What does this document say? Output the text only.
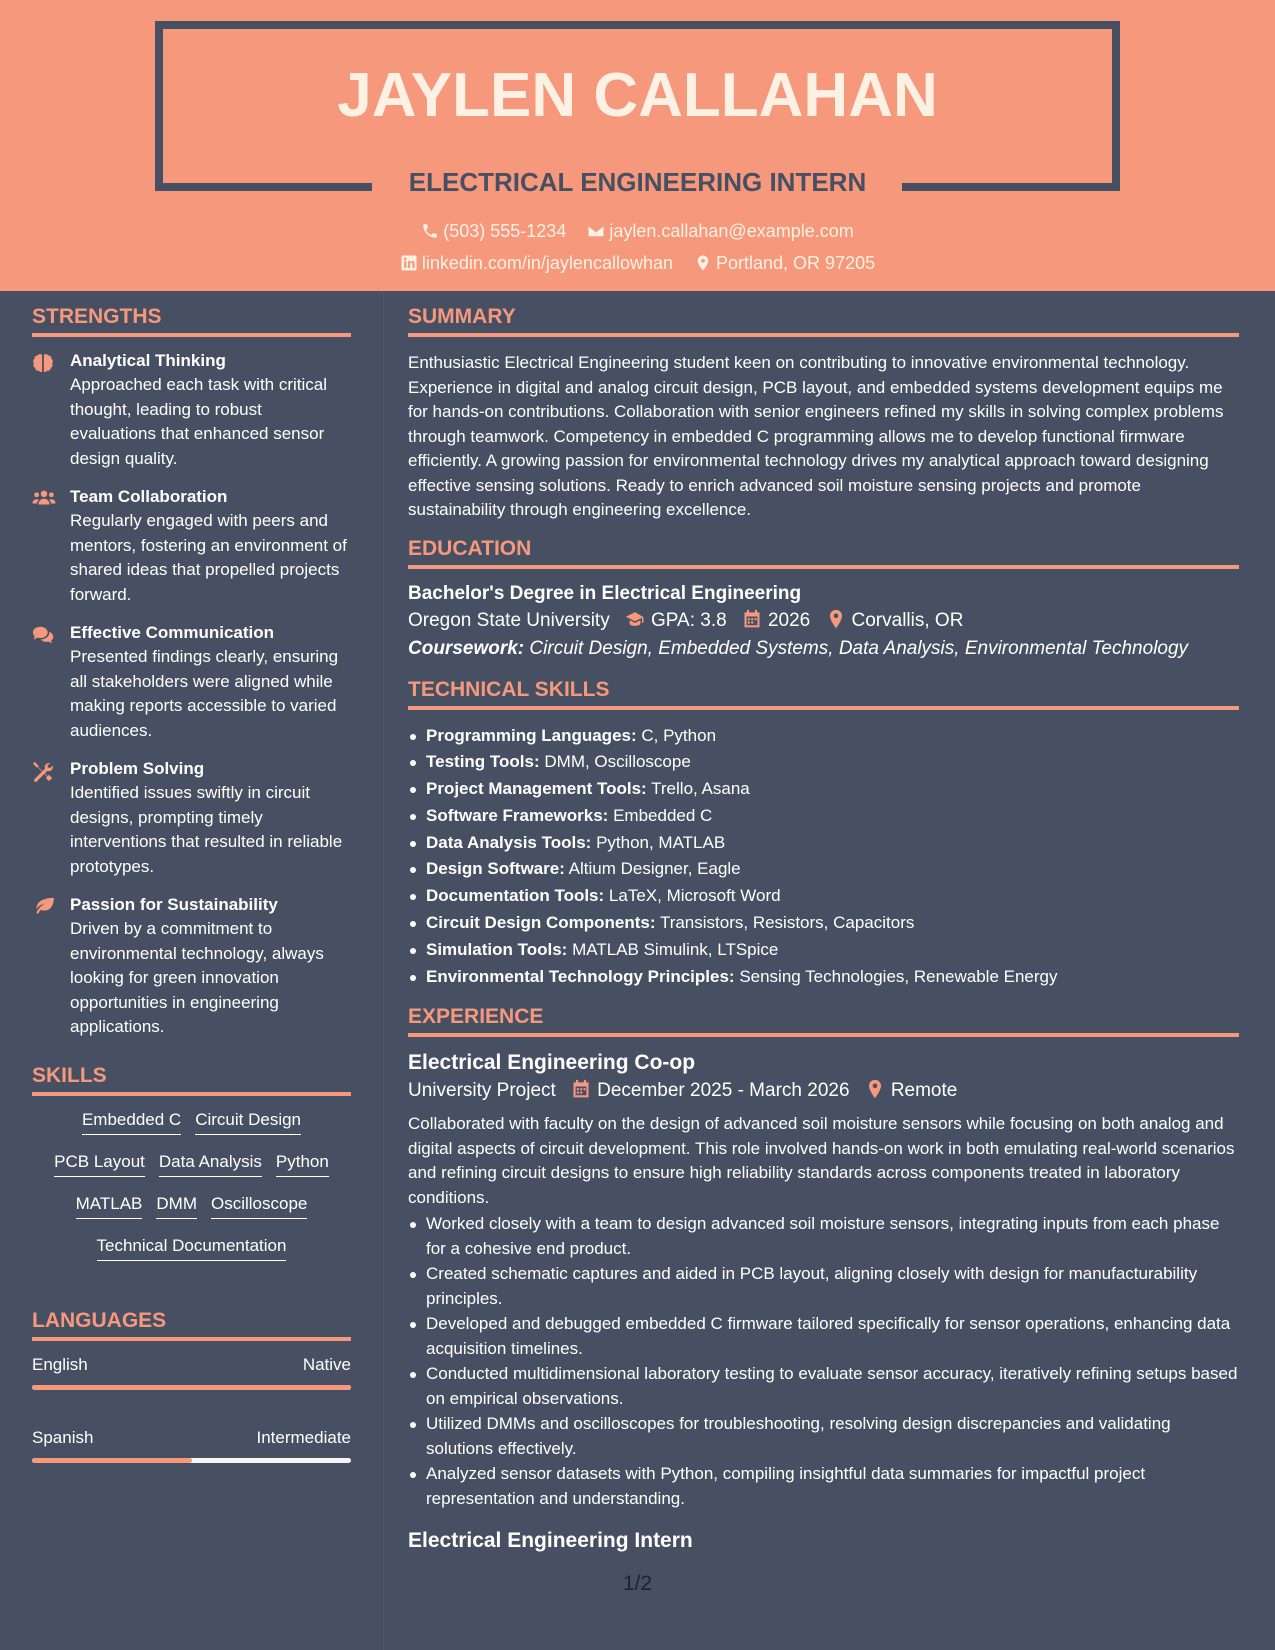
JAYLEN CALLAHAN
ELECTRICAL ENGINEERING INTERN
(503) 555-1234 jaylen.callahan@example.com
linkedin.com/in/jaylencallowhan Portland, OR 97205
STRENGTHS
Analytical Thinking
Approached each task with critical thought, leading to robust evaluations that enhanced sensor design quality.
Team Collaboration
Regularly engaged with peers and mentors, fostering an environment of shared ideas that propelled projects forward.
Effective Communication
Presented findings clearly, ensuring all stakeholders were aligned while making reports accessible to varied audiences.
Problem Solving
Identified issues swiftly in circuit designs, prompting timely interventions that resulted in reliable prototypes.
Passion for Sustainability
Driven by a commitment to environmental technology, always looking for green innovation opportunities in engineering applications.
SKILLS
Embedded C Circuit Design
PCB Layout Data Analysis Python
MATLAB DMM Oscilloscope
Technical Documentation
LANGUAGES
English	Native
Spanish	Intermediate
SUMMARY
Enthusiastic Electrical Engineering student keen on contributing to innovative environmental technology. Experience in digital and analog circuit design, PCB layout, and embedded systems development equips me for hands-on contributions. Collaboration with senior engineers refined my skills in solving complex problems through teamwork. Competency in embedded C programming allows me to develop functional firmware efficiently. A growing passion for environmental technology drives my analytical approach toward designing effective sensing solutions. Ready to enrich advanced soil moisture sensing projects and promote sustainability through engineering excellence.
EDUCATION
Bachelor's Degree in Electrical Engineering
Oregon State University GPA: 3.8 2026 Corvallis, OR
Coursework: Circuit Design, Embedded Systems, Data Analysis, Environmental Technology
TECHNICAL SKILLS
Programming Languages: C, Python
Testing Tools: DMM, Oscilloscope
Project Management Tools: Trello, Asana
Software Frameworks: Embedded C
Data Analysis Tools: Python, MATLAB
Design Software: Altium Designer, Eagle
Documentation Tools: LaTeX, Microsoft Word
Circuit Design Components: Transistors, Resistors, Capacitors
Simulation Tools: MATLAB Simulink, LTSpice
Environmental Technology Principles: Sensing Technologies, Renewable Energy
EXPERIENCE
Electrical Engineering Co-op
University Project December 2025 - March 2026 Remote
Collaborated with faculty on the design of advanced soil moisture sensors while focusing on both analog and digital aspects of circuit development. This role involved hands-on work in both emulating real-world scenarios and refining circuit designs to ensure high reliability standards across components treated in laboratory conditions.
Worked closely with a team to design advanced soil moisture sensors, integrating inputs from each phase for a cohesive end product.
Created schematic captures and aided in PCB layout, aligning closely with design for manufacturability principles.
Developed and debugged embedded C firmware tailored specifically for sensor operations, enhancing data acquisition timelines.
Conducted multidimensional laboratory testing to evaluate sensor accuracy, iteratively refining setups based on empirical observations.
Utilized DMMs and oscilloscopes for troubleshooting, resolving design discrepancies and validating solutions effectively.
Analyzed sensor datasets with Python, compiling insightful data summaries for impactful project representation and understanding.
Electrical Engineering Intern
1/2
